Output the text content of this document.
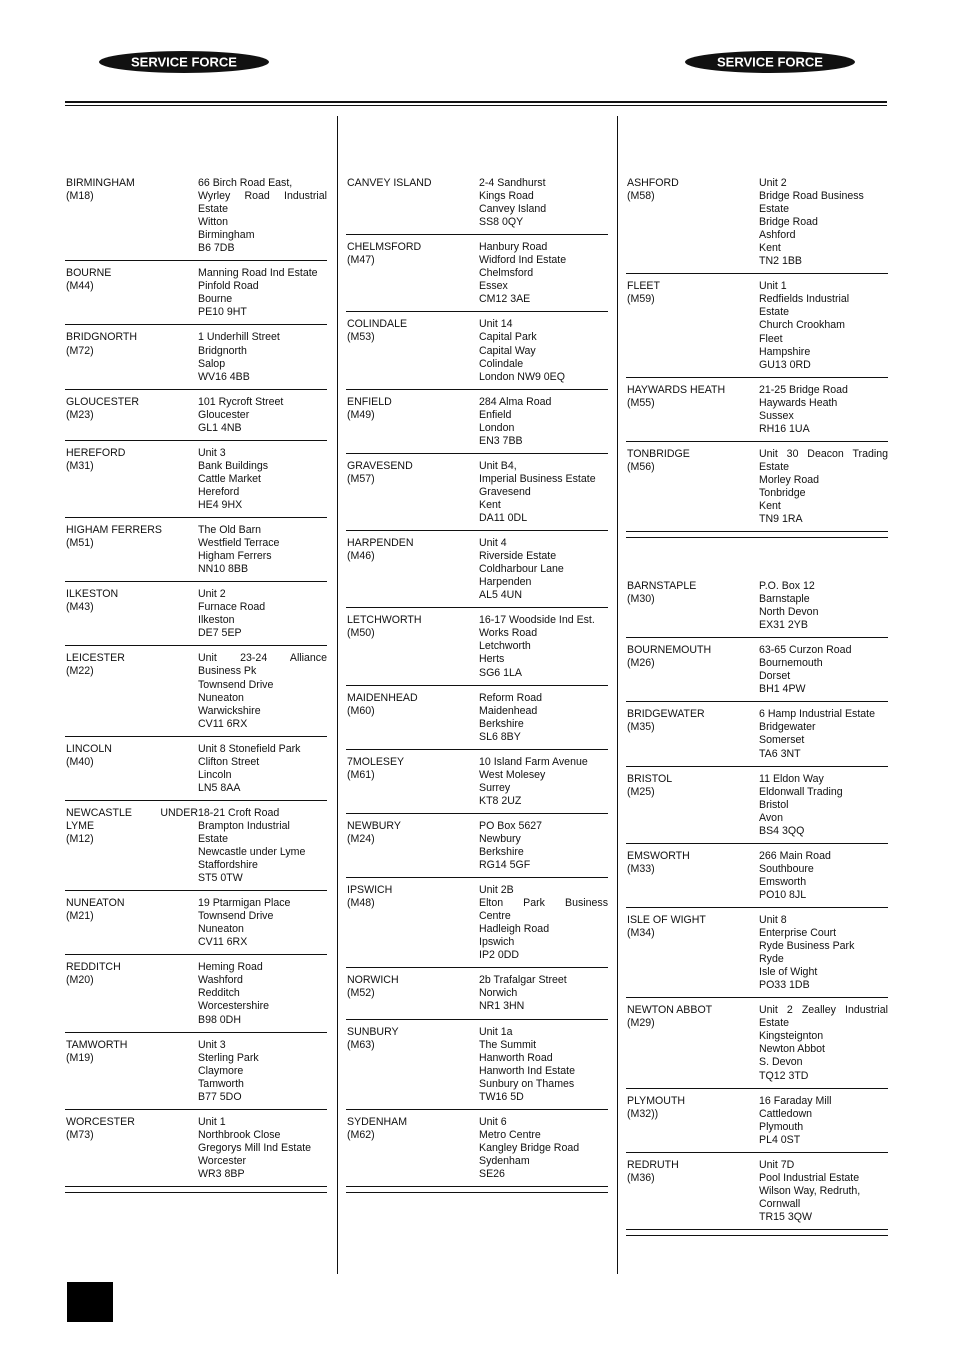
SERVICE FORCE	SERVICE FORCE
BIRMINGHAM
(M18)
66 Birch Road East,
Wyrley Road Industrial
Estate
Witton
Birmingham
B6 7DB
BOURNE
(M44)
Manning Road Ind Estate
Pinfold Road
Bourne
PE10 9HT
BRIDGNORTH
(M72)
1 Underhill Street
Bridgnorth
Salop
WV16 4BB
GLOUCESTER
(M23)
101 Rycroft Street
Gloucester
GL1 4NB
HEREFORD
(M31)
Unit 3
Bank Buildings
Cattle Market
Hereford
HE4 9HX
HIGHAM FERRERS
(M51)
The Old Barn
Westfield Terrace
Higham Ferrers
NN10 8BB
ILKESTON
(M43)
Unit 2
Furnace Road
Ilkeston
DE7 5EP
LEICESTER
(M22)
Unit 23-24 Alliance
Business Pk
Townsend Drive
Nuneaton
Warwickshire
CV11 6RX
LINCOLN
(M40)
Unit 8 Stonefield Park
Clifton Street
Lincoln
LN5 8AA
NEWCASTLE UNDER
LYME
(M12)
18-21 Croft Road
Brampton Industrial
Estate
Newcastle under Lyme
Staffordshire
ST5 0TW
NUNEATON
(M21)
19 Ptarmigan Place
Townsend Drive
Nuneaton
CV11 6RX
REDDITCH
(M20)
Heming Road
Washford
Redditch
Worcestershire
B98 0DH
TAMWORTH
(M19)
Unit 3
Sterling Park
Claymore
Tamworth
B77 5DO
WORCESTER
(M73)
Unit 1
Northbrook Close
Gregorys Mill Ind Estate
Worcester
WR3 8BP
CANVEY ISLAND	2-4 Sandhurst
Kings Road
Canvey Island
SS8 0QY
CHELMSFORD
(M47)
Hanbury Road
Widford Ind Estate
Chelmsford
Essex
CM12 3AE
COLINDALE
(M53)
Unit 14
Capital Park
Capital Way
Colindale
London NW9 0EQ
ENFIELD
(M49)
284 Alma Road
Enfield
London
EN3 7BB
GRAVESEND
(M57)
Unit B4,
Imperial Business Estate
Gravesend
Kent
DA11 0DL
HARPENDEN
(M46)
Unit 4
Riverside Estate
Coldharbour Lane
Harpenden
AL5 4UN
LETCHWORTH
(M50)
16-17 Woodside Ind Est.
Works Road
Letchworth
Herts
SG6 1LA
MAIDENHEAD
(M60)
Reform Road
Maidenhead
Berkshire
SL6 8BY
7MOLESEY
(M61)
10 Island Farm Avenue
West Molesey
Surrey
KT8 2UZ
NEWBURY
(M24)
PO Box 5627
Newbury
Berkshire
RG14 5GF
IPSWICH
(M48)
Unit 2B
Elton Park Business
Centre
Hadleigh Road
Ipswich
IP2 0DD
NORWICH
(M52)
2b Trafalgar Street
Norwich
NR1 3HN
SUNBURY
(M63)
Unit 1a
The Summit
Hanworth Road
Hanworth Ind Estate
Sunbury on Thames
TW16 5D
SYDENHAM
(M62)
Unit 6
Metro Centre
Kangley Bridge Road
Sydenham
SE26
ASHFORD
(M58)
Unit 2
Bridge Road Business
Estate
Bridge Road
Ashford
Kent
TN2 1BB
FLEET
(M59)
Unit 1
Redfields Industrial
Estate
Church Crookham
Fleet
Hampshire
GU13 0RD
HAYWARDS HEATH
(M55)
21-25 Bridge Road
Haywards Heath
Sussex
RH16 1UA
TONBRIDGE
(M56)
Unit 30 Deacon Trading
Estate
Morley Road
Tonbridge
Kent
TN9 1RA
BARNSTAPLE
(M30)
P.O. Box 12
Barnstaple
North Devon
EX31 2YB
BOURNEMOUTH
(M26)
63-65 Curzon Road
Bournemouth
Dorset
BH1 4PW
BRIDGEWATER
(M35)
6 Hamp Industrial Estate
Bridgewater
Somerset
TA6 3NT
BRISTOL
(M25)
11 Eldon Way
Eldonwall Trading
Bristol
Avon
BS4 3QQ
EMSWORTH
(M33)
266 Main Road
Southboure
Emsworth
PO10 8JL
ISLE OF WIGHT
(M34)
Unit 8
Enterprise Court
Ryde Business Park
Ryde
Isle of Wight
PO33 1DB
NEWTON ABBOT
(M29)
Unit 2 Zealley Industrial
Estate
Kingsteignton
Newton Abbot
S. Devon
TQ12 3TD
PLYMOUTH
(M32))
16 Faraday Mill
Cattledown
Plymouth
PL4 0ST
REDRUTH
(M36)
Unit 7D
Pool Industrial Estate
Wilson Way, Redruth,
Cornwall
TR15 3QW
